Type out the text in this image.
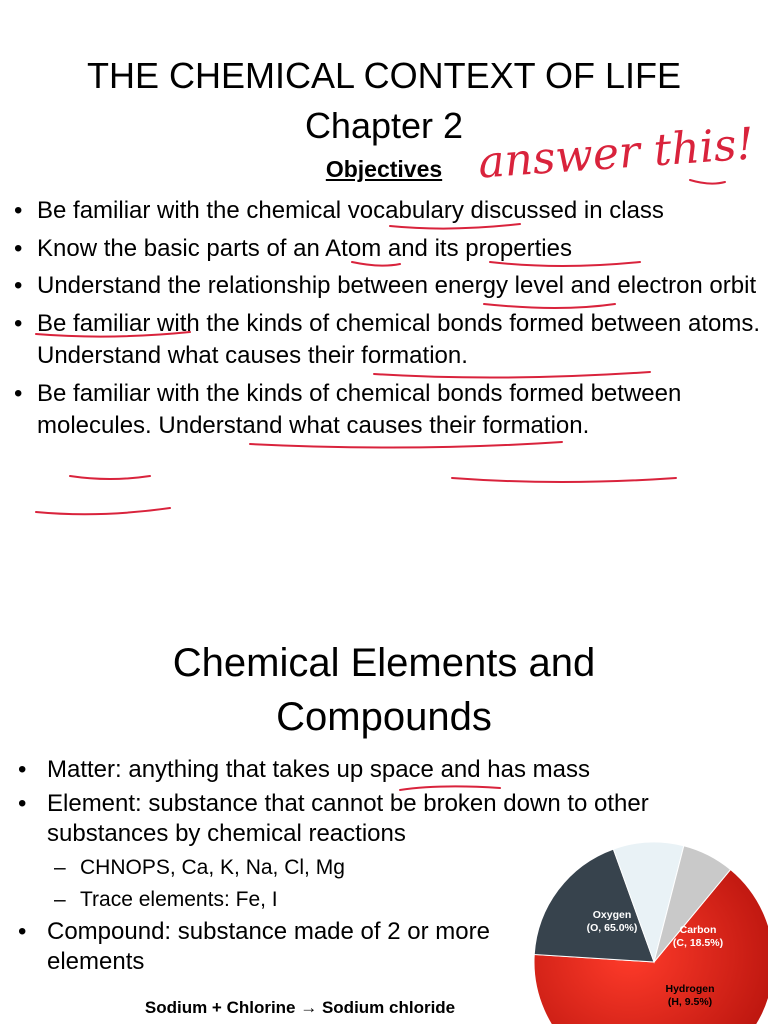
THE CHEMICAL CONTEXT OF LIFE
Chapter 2
Objectives
• Be familiar with the chemical vocabulary discussed in class
• Know the basic parts of an Atom and its properties
• Understand the relationship between energy level and electron orbit
• Be familiar with the kinds of chemical bonds formed between atoms. Understand what causes their formation.
• Be familiar with the kinds of chemical bonds formed between molecules. Understand what causes their formation.
answer this!
Chemical Elements and
Compounds
• Matter: anything that takes up space and has mass
• Element: substance that cannot be broken down to other substances by chemical reactions
– CHNOPS, Ca, K, Na, Cl, Mg
– Trace elements: Fe, I
• Compound: substance made of 2 or more elements
Sodium + Chlorine → Sodium chloride
Oxygen
(O, 65.0%)	Carbon
(C, 18.5%)
Hydrogen
(H, 9.5%)
